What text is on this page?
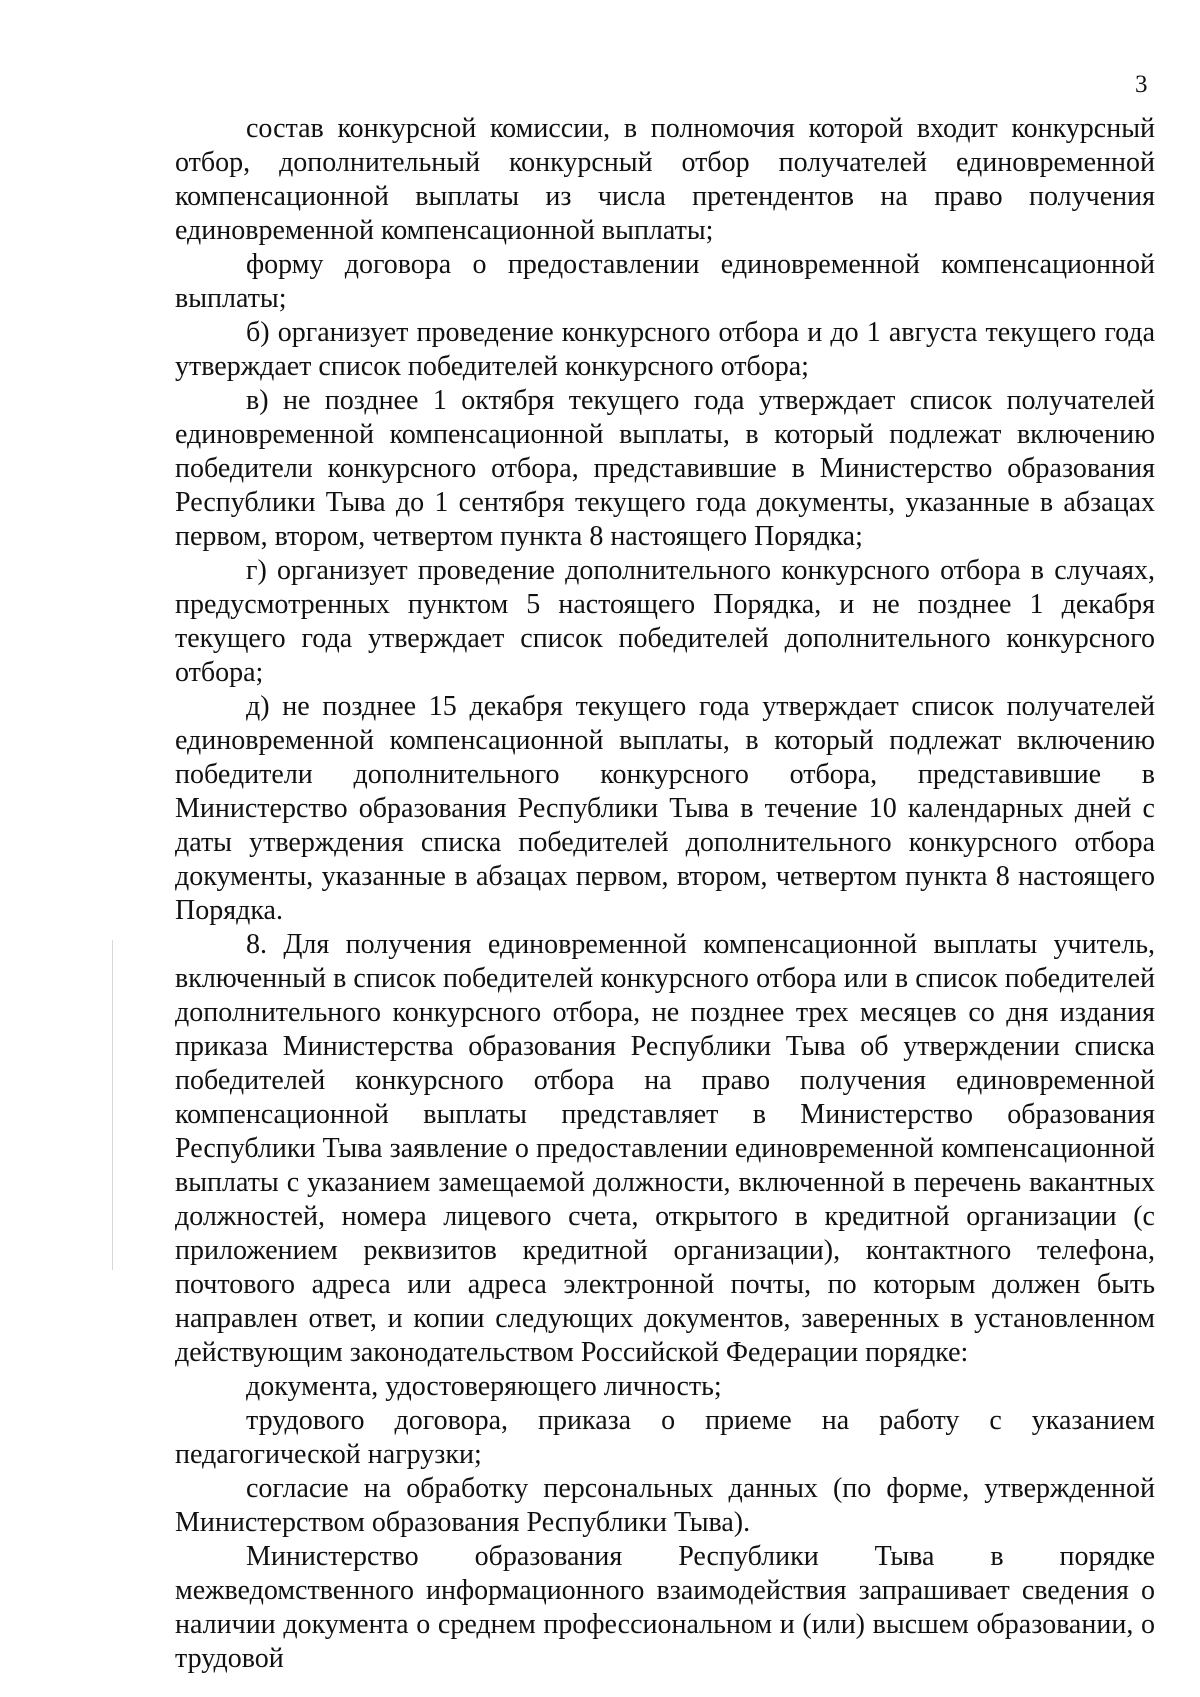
3

состав конкурсной комиссии, в полномочия которой входит конкурсный отбор, дополнительный конкурсный отбор получателей единовременной компенсационной выплаты из числа претендентов на право получения единовременной компенсационной выплаты;

форму договора о предоставлении единовременной компенсационной выплаты;

б) организует проведение конкурсного отбора и до 1 августа текущего года утверждает список победителей конкурсного отбора;

в) не позднее 1 октября текущего года утверждает список получателей единовременной компенсационной выплаты, в который подлежат включению победители конкурсного отбора, представившие в Министерство образования Республики Тыва до 1 сентября текущего года документы, указанные в абзацах первом, втором, четвертом пункта 8 настоящего Порядка;

г) организует проведение дополнительного конкурсного отбора в случаях, предусмотренных пунктом 5 настоящего Порядка, и не позднее 1 декабря текущего года утверждает список победителей дополнительного конкурсного отбора;

д) не позднее 15 декабря текущего года утверждает список получателей единовременной компенсационной выплаты, в который подлежат включению победители дополнительного конкурсного отбора, представившие в Министерство образования Республики Тыва в течение 10 календарных дней с даты утверждения списка победителей дополнительного конкурсного отбора документы, указанные в абзацах первом, втором, четвертом пункта 8 настоящего Порядка.

8. Для получения единовременной компенсационной выплаты учитель, включенный в список победителей конкурсного отбора или в список победителей дополнительного конкурсного отбора, не позднее трех месяцев со дня издания приказа Министерства образования Республики Тыва об утверждении списка победителей конкурсного отбора на право получения единовременной компенсационной выплаты представляет в Министерство образования Республики Тыва заявление о предоставлении единовременной компенсационной выплаты с указанием замещаемой должности, включенной в перечень вакантных должностей, номера лицевого счета, открытого в кредитной организации (с приложением реквизитов кредитной организации), контактного телефона, почтового адреса или адреса электронной почты, по которым должен быть направлен ответ, и копии следующих документов, заверенных в установленном действующим законодательством Российской Федерации порядке:

документа, удостоверяющего личность;

трудового договора, приказа о приеме на работу с указанием педагогической нагрузки;

согласие на обработку персональных данных (по форме, утвержденной Министерством образования Республики Тыва).

Министерство образования Республики Тыва в порядке межведомственного информационного взаимодействия запрашивает сведения о наличии документа о среднем профессиональном и (или) высшем образовании, о трудовой
